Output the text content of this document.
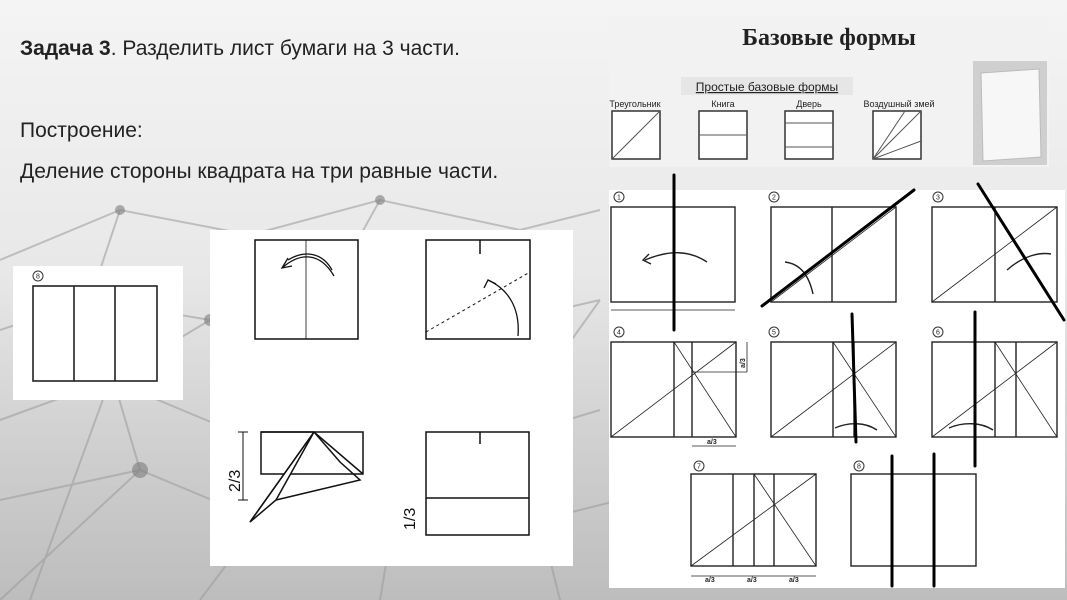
Задача 3. Разделить лист бумаги на 3 части.
Построение:
Деление стороны квадрата на три равные части.
Базовые формы
Простые базовые формы
Треугольник	Книга	Дверь	Воздушный змей
8
2/3
1/3
1	2	3
4	5	6
7	8
a/3
a/3
a/3	a/3	a/3
